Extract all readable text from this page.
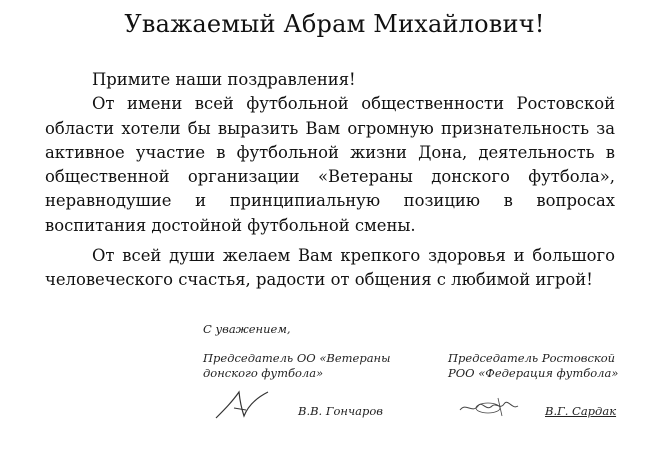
Уважаемый Абрам Михайлович!

Примите наши поздравления!

От имени всей футбольной общественности Ростовской области хотели бы выразить Вам огромную признательность за активное участие в футбольной жизни Дона, деятельность в общественной организации «Ветераны донского футбола», неравнодушие и принципиальную позицию в вопросах воспитания достойной футбольной смены.

От всей души желаем Вам крепкого здоровья и большого человеческого счастья, радости от общения с любимой игрой!

С уважением,
Председатель ОО «Ветераны
донского футбола»
Председатель Ростовской
РОО «Федерация футбола»
В.В. Гончаров	В.Г. Сардак
